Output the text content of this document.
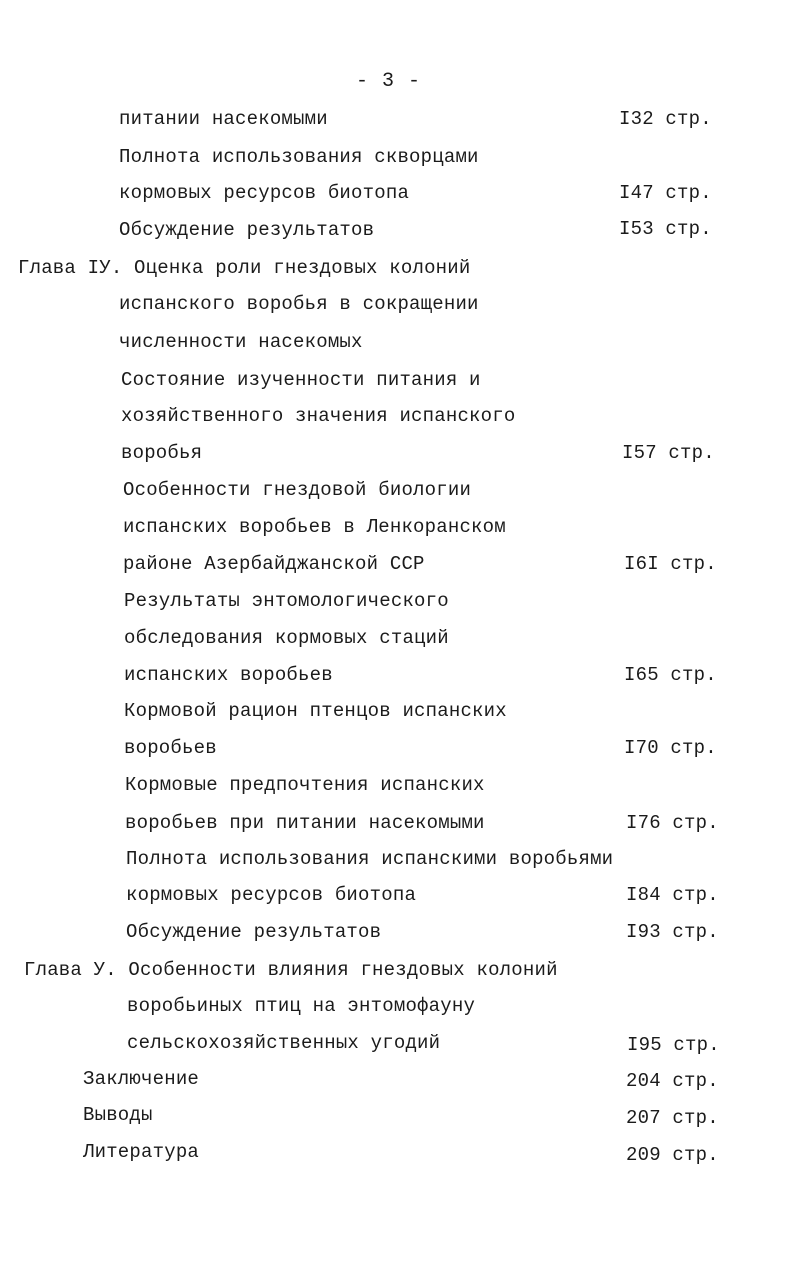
- 3 -
питании насекомыми	I32 стр.
Полнота использования скворцами
кормовых ресурсов биотопа	I47 стр.
Обсуждение результатов	I53 стр.
Глава IУ. Оценка роли гнездовых колоний
испанского воробья в сокращении
численности насекомых
Состояние изученности питания и
хозяйственного значения испанского
воробья	I57 стр.
Особенности гнездовой биологии
испанских воробьев в Ленкоранском
районе Азербайджанской ССР	I6I стр.
Результаты энтомологического
обследования кормовых стаций
испанских воробьев	I65 стр.
Кормовой рацион птенцов испанских
воробьев	I70 стр.
Кормовые предпочтения испанских
воробьев при питании насекомыми	I76 стр.
Полнота использования испанскими воробьями
кормовых ресурсов биотопа	I84 стр.
Обсуждение результатов	I93 стр.
Глава У. Особенности влияния гнездовых колоний
воробьиных птиц на энтомофауну
сельскохозяйственных угодий	I95 стр.
Заключение	204 стр.
Выводы	207 стр.
Литература	209 стр.
